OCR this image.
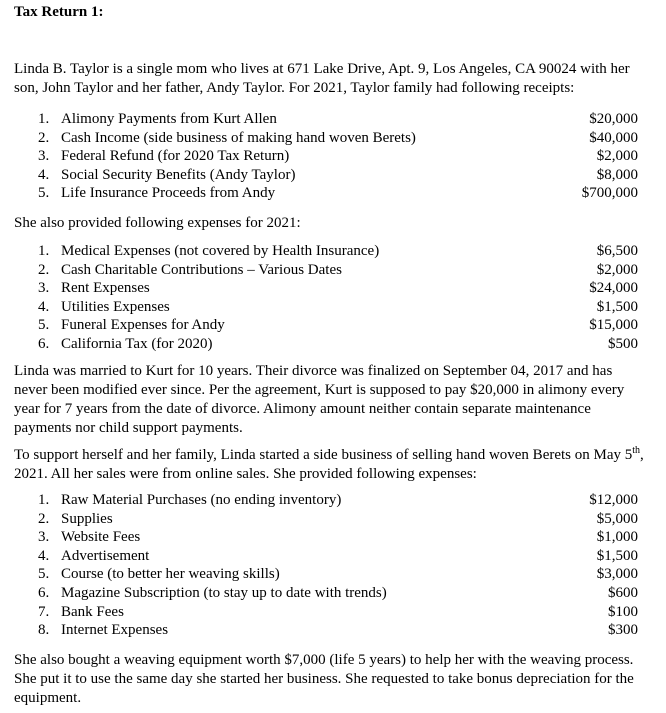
Tax Return 1:
Linda B. Taylor is a single mom who lives at 671 Lake Drive, Apt. 9, Los Angeles, CA 90024 with her son, John Taylor and her father, Andy Taylor. For 2021, Taylor family had following receipts:
1. Alimony Payments from Kurt Allen	$20,000
2. Cash Income (side business of making hand woven Berets)	$40,000
3. Federal Refund (for 2020 Tax Return)	$2,000
4. Social Security Benefits (Andy Taylor)	$8,000
5. Life Insurance Proceeds from Andy	$700,000
She also provided following expenses for 2021:
1. Medical Expenses (not covered by Health Insurance)	$6,500
2. Cash Charitable Contributions – Various Dates	$2,000
3. Rent Expenses	$24,000
4. Utilities Expenses	$1,500
5. Funeral Expenses for Andy	$15,000
6. California Tax (for 2020)	$500
Linda was married to Kurt for 10 years. Their divorce was finalized on September 04, 2017 and has never been modified ever since. Per the agreement, Kurt is supposed to pay $20,000 in alimony every year for 7 years from the date of divorce. Alimony amount neither contain separate maintenance payments nor child support payments.
To support herself and her family, Linda started a side business of selling hand woven Berets on May 5th, 2021. All her sales were from online sales. She provided following expenses:
1. Raw Material Purchases (no ending inventory)	$12,000
2. Supplies	$5,000
3. Website Fees	$1,000
4. Advertisement	$1,500
5. Course (to better her weaving skills)	$3,000
6. Magazine Subscription (to stay up to date with trends)	$600
7. Bank Fees	$100
8. Internet Expenses	$300
She also bought a weaving equipment worth $7,000 (life 5 years) to help her with the weaving process. She put it to use the same day she started her business. She requested to take bonus depreciation for the equipment.
